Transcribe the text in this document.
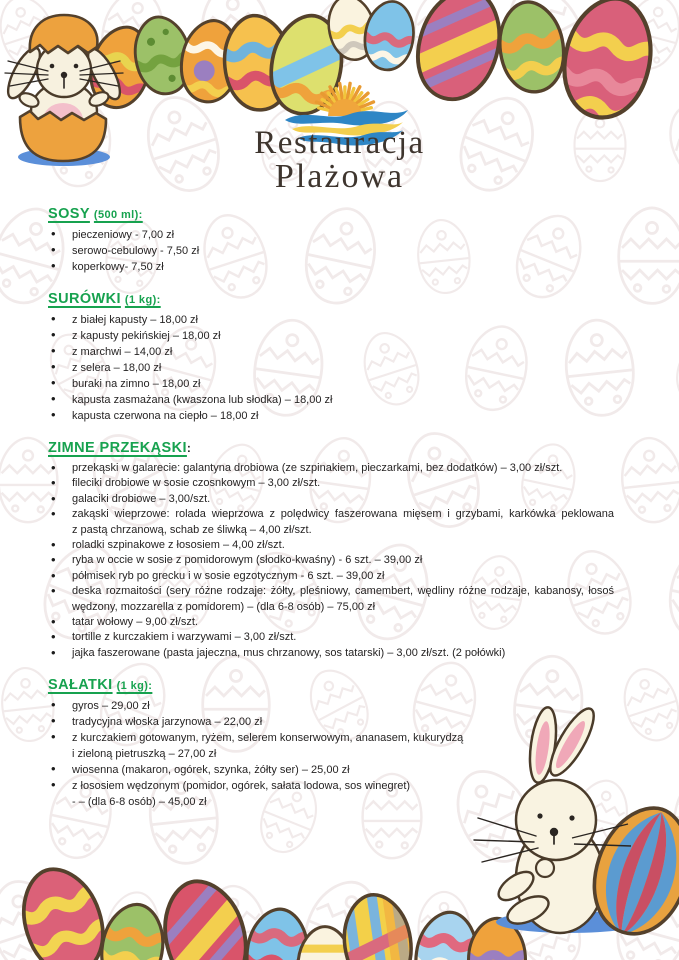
Restauracja
Plażowa
SOSY (500 ml):
• pieczeniowy - 7,00 zł
• serowo-cebulowy - 7,50 zł
• koperkowy- 7,50 zł
SURÓWKI (1 kg):
• z białej kapusty – 18,00 zł
• z kapusty pekińskiej – 18,00 zł
• z marchwi – 14,00 zł
• z selera – 18,00 zł
• buraki na zimno – 18,00 zł
• kapusta zasmażana (kwaszona lub słodka) – 18,00 zł
• kapusta czerwona na ciepło – 18,00 zł
ZIMNE PRZEKĄSKI:
• przekąski w galarecie: galantyna drobiowa (ze szpinakiem, pieczarkami, bez dodatków) – 3,00 zł/szt.
• fileciki drobiowe w sosie czosnkowym – 3,00 zł/szt.
• galaciki drobiowe – 3,00/szt.
• zakąski wieprzowe: rolada wieprzowa z polędwicy faszerowana mięsem i grzybami, karkówka peklowana
z pastą chrzanową, schab ze śliwką – 4,00 zł/szt.
• roladki szpinakowe z łososiem – 4,00 zł/szt.
• ryba w occie w sosie z pomidorowym (słodko-kwaśny) - 6 szt. – 39,00 zł
• półmisek ryb po grecku i w sosie egzotycznym - 6 szt. – 39,00 zł
• deska rozmaitości (sery różne rodzaje: żółty, pleśniowy, camembert, wędliny różne rodzaje, kabanosy, łosoś
wędzony, mozzarella z pomidorem) – (dla 6-8 osób) – 75,00 zł
• tatar wołowy – 9,00 zł/szt.
• tortille z kurczakiem i warzywami – 3,00 zł/szt.
• jajka faszerowane (pasta jajeczna, mus chrzanowy, sos tatarski) – 3,00 zł/szt. (2 połówki)
SAŁATKI (1 kg):
• gyros – 29,00 zł
• tradycyjna włoska jarzynowa – 22,00 zł
• z kurczakiem gotowanym, ryżem, selerem konserwowym, ananasem, kukurydzą
i zieloną pietruszką – 27,00 zł
• wiosenna (makaron, ogórek, szynka, żółty ser) – 25,00 zł
• z łososiem wędzonym (pomidor, ogórek, sałata lodowa, sos winegret)
- – (dla 6-8 osób) – 45,00 zł
